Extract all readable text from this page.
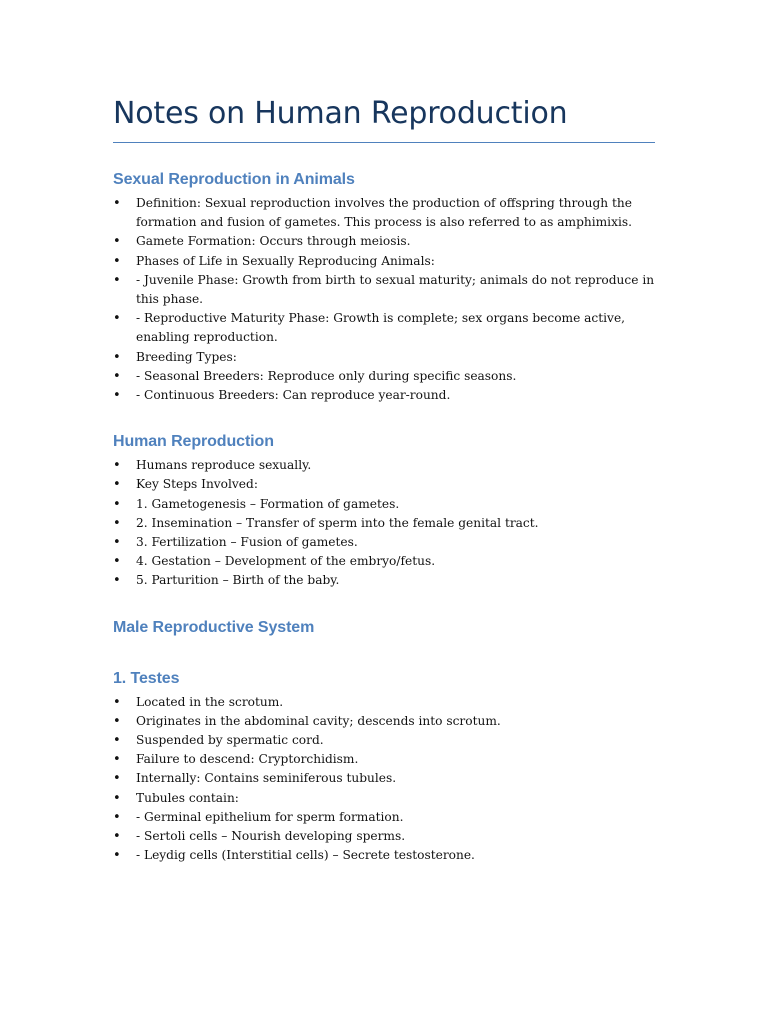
Notes on Human Reproduction
Sexual Reproduction in Animals
• Definition: Sexual reproduction involves the production of offspring through the formation and fusion of gametes. This process is also referred to as amphimixis.
• Gamete Formation: Occurs through meiosis.
• Phases of Life in Sexually Reproducing Animals:
• - Juvenile Phase: Growth from birth to sexual maturity; animals do not reproduce in this phase.
• - Reproductive Maturity Phase: Growth is complete; sex organs become active, enabling reproduction.
• Breeding Types:
• - Seasonal Breeders: Reproduce only during specific seasons.
• - Continuous Breeders: Can reproduce year-round.
Human Reproduction
• Humans reproduce sexually.
• Key Steps Involved:
• 1. Gametogenesis – Formation of gametes.
• 2. Insemination – Transfer of sperm into the female genital tract.
• 3. Fertilization – Fusion of gametes.
• 4. Gestation – Development of the embryo/fetus.
• 5. Parturition – Birth of the baby.
Male Reproductive System
1. Testes
• Located in the scrotum.
• Originates in the abdominal cavity; descends into scrotum.
• Suspended by spermatic cord.
• Failure to descend: Cryptorchidism.
• Internally: Contains seminiferous tubules.
• Tubules contain:
• - Germinal epithelium for sperm formation.
• - Sertoli cells – Nourish developing sperms.
• - Leydig cells (Interstitial cells) – Secrete testosterone.
